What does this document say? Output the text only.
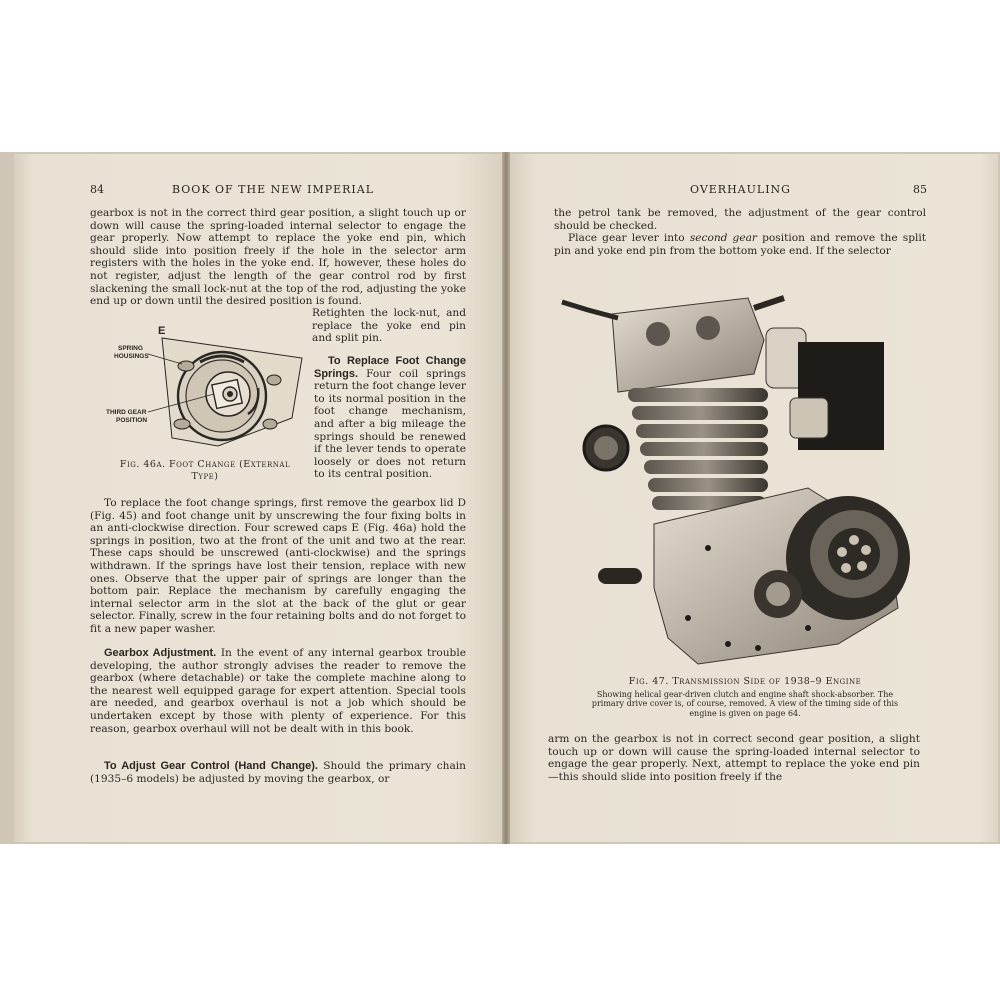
84	BOOK OF THE NEW IMPERIAL

gearbox is not in the correct third gear position, a slight touch up or down will cause the spring-loaded internal selector to engage the gear properly. Now attempt to replace the yoke end pin, which should slide into position freely if the hole in the selector arm registers with the holes in the yoke end. If, however, these holes do not register, adjust the length of the gear control rod by first slackening the small lock-nut at the top of the rod, adjusting the yoke end up or down until the desired position is found.

Retighten the lock-nut, and replace the yoke end pin and split pin.

E
SPRING
HOUSINGS
THIRD GEAR
POSITION
Fig. 46a. Foot Change (External
Type)

To Replace Foot Change Springs. Four coil springs return the foot change lever to its normal position in the foot change mechanism, and after a big mileage the springs should be renewed if the lever tends to operate loosely or does not return to its central position.

To replace the foot change springs, first remove the gearbox lid D (Fig. 45) and foot change unit by unscrewing the four fixing bolts in an anti-clockwise direction. Four screwed caps E (Fig. 46a) hold the springs in position, two at the front of the unit and two at the rear. These caps should be unscrewed (anti-clockwise) and the springs withdrawn. If the springs have lost their tension, replace with new ones. Observe that the upper pair of springs are longer than the bottom pair. Replace the mechanism by carefully engaging the internal selector arm in the slot at the back of the glut or gear selector. Finally, screw in the four retaining bolts and do not forget to fit a new paper washer.

Gearbox Adjustment. In the event of any internal gearbox trouble developing, the author strongly advises the reader to remove the gearbox (where detachable) or take the complete machine along to the nearest well equipped garage for expert attention. Special tools are needed, and gearbox overhaul is not a job which should be undertaken except by those with plenty of experience. For this reason, gearbox overhaul will not be dealt with in this book.

To Adjust Gear Control (Hand Change). Should the primary chain (1935–6 models) be adjusted by moving the gearbox, or

OVERHAULING	85

the petrol tank be removed, the adjustment of the gear control should be checked.

Place gear lever into second gear position and remove the split pin and yoke end pin from the bottom yoke end. If the selector

Fig. 47. Transmission Side of 1938–9 Engine
Showing helical gear-driven clutch and engine shaft shock-absorber. The primary drive cover is, of course, removed. A view of the timing side of this engine is given on page 64.

arm on the gearbox is not in correct second gear position, a slight touch up or down will cause the spring-loaded internal selector to engage the gear properly. Next, attempt to replace the yoke end pin—this should slide into position freely if the
